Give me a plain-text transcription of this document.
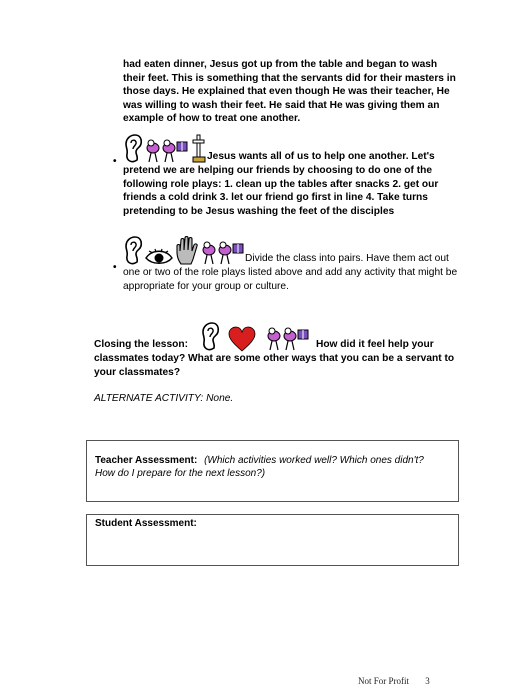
had eaten dinner, Jesus got up from the table and began to wash
their feet. This is something that the servants did for their masters in
those days. He explained that even though He was their teacher, He
was willing to wash their feet. He said that He was giving them an
example of how to treat one another.
•	Jesus wants all of us to help one another. Let's
pretend we are helping our friends by choosing to do one of the
following role plays: 1. clean up the tables after snacks 2. get our
friends a cold drink 3. let our friend go first in line 4. Take turns
pretending to be Jesus washing the feet of the disciples
•
Divide the class into pairs. Have them act out
one or two of the role plays listed above and add any activity that might be
appropriate for your group or culture.
Closing the lesson:	How did it feel help your
classmates today? What are some other ways that you can be a servant to
your classmates?
ALTERNATE ACTIVITY: None.
Teacher Assessment: (Which activities worked well? Which ones didn't?
How do I prepare for the next lesson?)
Student Assessment:
Not For Profit 3
